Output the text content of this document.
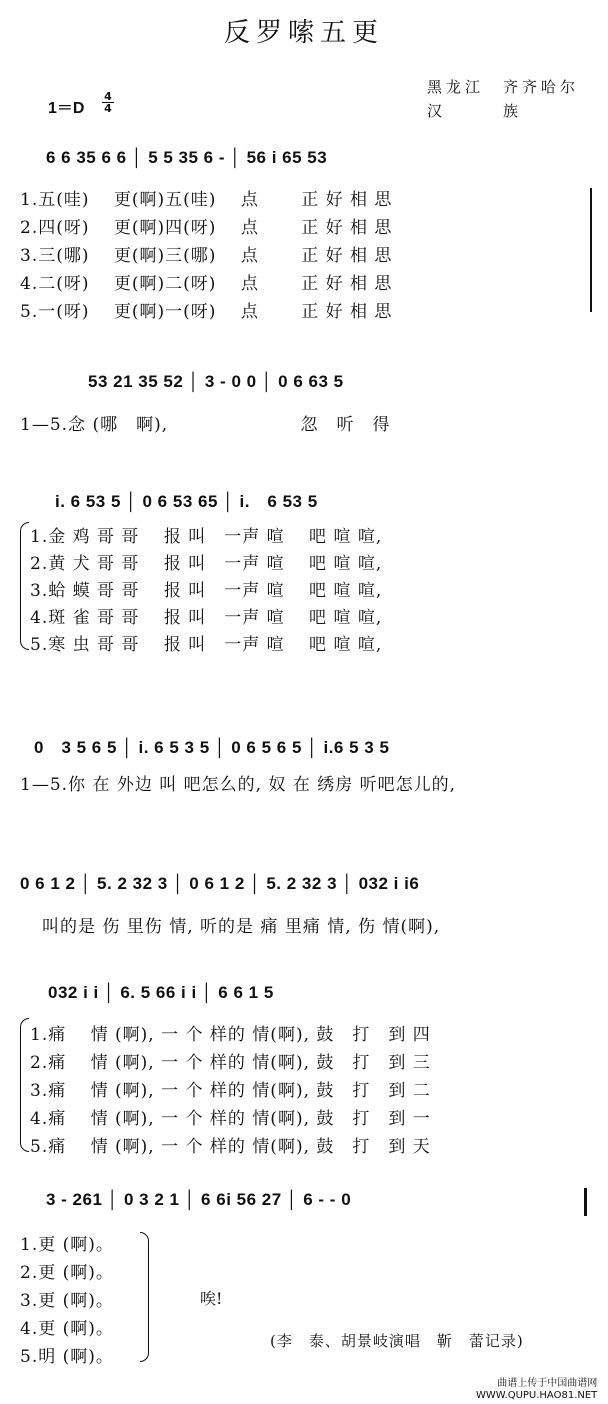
反罗嗦五更
黑龙江　齐齐哈尔
汉　　　族
1＝D
4
4
6 6 35 6 6 │ 5 5 35 6 - │ 56 i 65 53
1.五(哇)　 更(啊)五(哇)　 点　　 正 好 相 思
2.四(呀)　 更(啊)四(呀)　 点　　 正 好 相 思
3.三(哪)　 更(啊)三(哪)　 点　　 正 好 相 思
4.二(呀)　 更(啊)二(呀)　 点　　 正 好 相 思
5.一(呀)　 更(啊)一(呀)　 点　　 正 好 相 思
53 21 35 52 │ 3 - 0 0 │ 0 6 63 5
1—5.念 (哪　啊),　　　　　　　 忽　听　得
i. 6 53 5 │ 0 6 53 65 │ i.　6 53 5
1.金 鸡 哥 哥　 报 叫　一声 喧　 吧 喧 喧,
2.黄 犬 哥 哥　 报 叫　一声 喧　 吧 喧 喧,
3.蛤 蟆 哥 哥　 报 叫　一声 喧　 吧 喧 喧,
4.斑 雀 哥 哥　 报 叫　一声 喧　 吧 喧 喧,
5.寒 虫 哥 哥　 报 叫　一声 喧　 吧 喧 喧,
0　3 5 6 5 │ i. 6 5 3 5 │ 0 6 5 6 5 │ i.6 5 3 5
1—5.你 在 外边 叫 吧怎么的, 奴 在 绣房 听吧怎儿的,
0 6 1 2 │ 5. 2 32 3 │ 0 6 1 2 │ 5. 2 32 3 │ 032 i i6
叫的是 伤 里伤 情, 听的是 痛 里痛 情, 伤 情(啊),
032 i i │ 6. 5 66 i i │ 6 6 1 5
1.痛　 情 (啊), 一 个 样的 情(啊), 鼓　打　到 四
2.痛　 情 (啊), 一 个 样的 情(啊), 鼓　打　到 三
3.痛　 情 (啊), 一 个 样的 情(啊), 鼓　打　到 二
4.痛　 情 (啊), 一 个 样的 情(啊), 鼓　打　到 一
5.痛　 情 (啊), 一 个 样的 情(啊), 鼓　打　到 天
3 - 261 │ 0 3 2 1 │ 6 6i 56 27 │ 6 - - 0
1.更 (啊)。
2.更 (啊)。
3.更 (啊)。
4.更 (啊)。
5.明 (啊)。
唉!
(李　泰、胡景岐演唱　靳　蕾记录)
曲谱上传于中国曲谱网
WWW.QUPU.HAO81.NET
